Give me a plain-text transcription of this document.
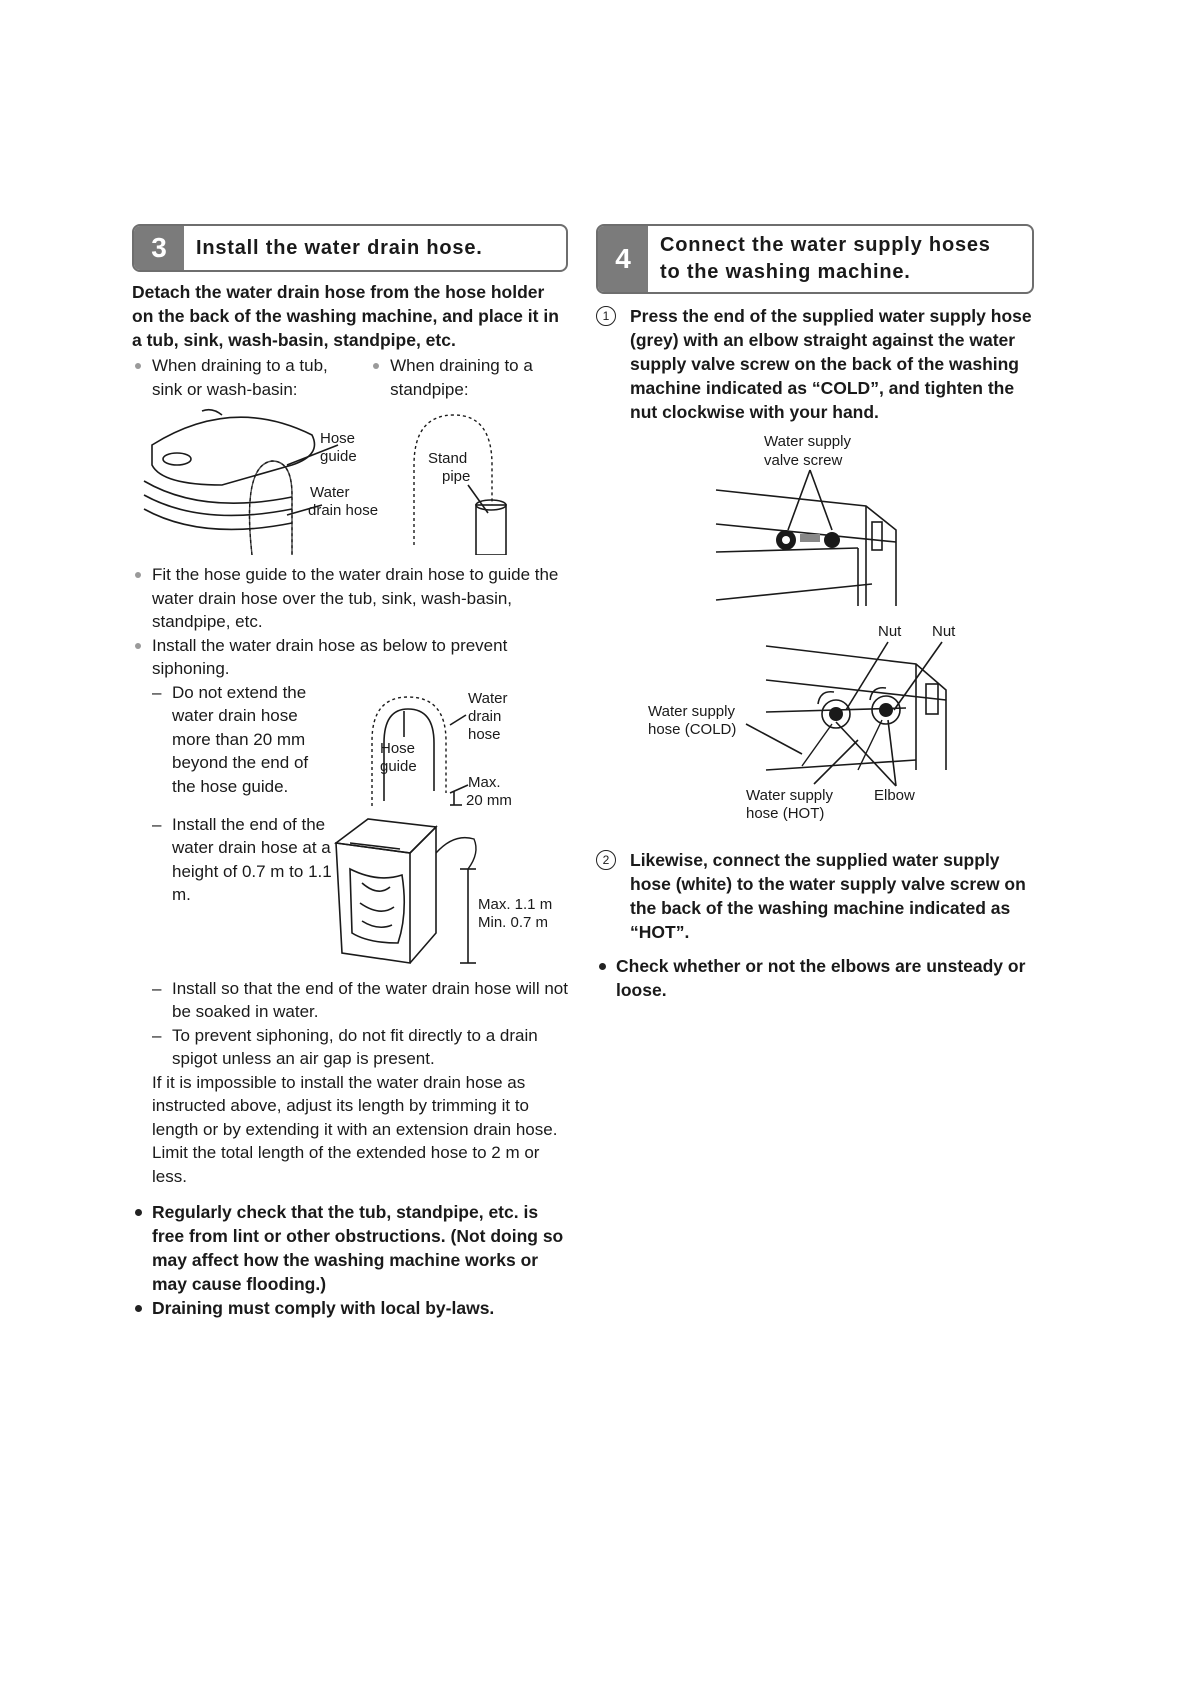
3	Install the water drain hose.

Detach the water drain hose from the hose holder on the back of the washing machine, and place it in a tub, sink, wash-basin, standpipe, etc.

When draining to a tub, sink or wash-basin:
When draining to a standpipe:
Hose
guide
Water
drain hose
Stand
pipe
Fit the hose guide to the water drain hose to guide the water drain hose over the tub, sink, wash-basin, standpipe, etc.
Install the water drain hose as below to prevent siphoning.
– Do not extend the water drain hose more than 20 mm beyond the end of the hose guide.
Hose
guide
Water
drain
hose
Max.
20 mm
– Install the end of the water drain hose at a height of 0.7 m to 1.1 m.	Max. 1.1 m
Min. 0.7 m
– Install so that the end of the water drain hose will not be soaked in water.
– To prevent siphoning, do not fit directly to a drain spigot unless an air gap is present.

If it is impossible to install the water drain hose as instructed above, adjust its length by trimming it to length or by extending it with an extension drain hose. Limit the total length of the extended hose to 2 m or less.

Regularly check that the tub, standpipe, etc. is free from lint or other obstructions. (Not doing so may affect how the washing machine works or may cause flooding.)
Draining must comply with local by-laws.
4	Connect the water supply hoses
to the washing machine.
1	Press the end of the supplied water supply hose (grey) with an elbow straight against the water supply valve screw on the back of the washing machine indicated as “COLD”, and tighten the nut clockwise with your hand.
Water supply
valve screw
Nut Nut
Water supply
hose (COLD)
Water supply
hose (HOT)
Elbow
2	Likewise, connect the supplied water supply hose (white) to the water supply valve screw on the back of the washing machine indicated as “HOT”.
Check whether or not the elbows are unsteady or loose.
